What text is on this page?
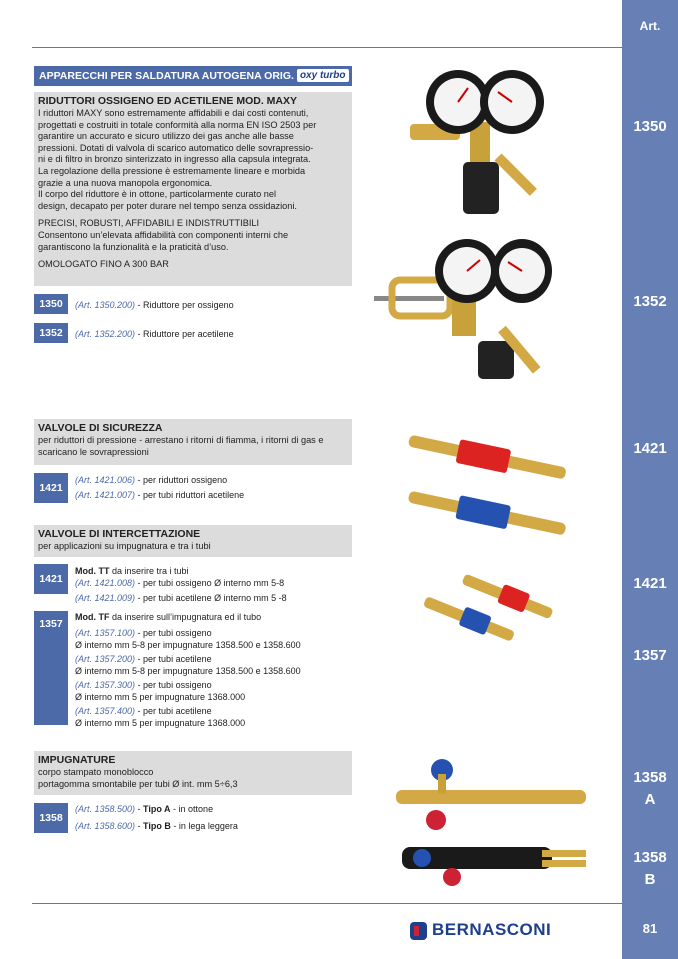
Art.
1350
1352
1421
1421
1357
1358
A
1358
B
81
APPARECCHI PER SALDATURA AUTOGENA ORIG. oxy turbo
RIDUTTORI OSSIGENO ED ACETILENE MOD. MAXY

I riduttori MAXY sono estremamente affidabili e dai costi contenuti,

progettati e costruiti in totale conformità alla norma EN ISO 2503 per

garantire un accurato e sicuro utilizzo dei gas anche alle basse

pressioni. Dotati di valvola di scarico automatico delle sovrapressio-

ni e di filtro in bronzo sinterizzato in ingresso alla capsula integrata.

La regolazione della pressione è estremamente lineare e morbida

grazie a una nuova manopola ergonomica.

Il corpo del riduttore è in ottone, particolarmente curato nel

design, decapato per poter durare nel tempo senza ossidazioni.

PRECISI, ROBUSTI, AFFIDABILI E INDISTRUTTIBILI

Consentono un’elevata affidabilità con componenti interni che

garantiscono la funzionalità e la praticità d’uso.

OMOLOGATO FINO A 300 BAR

1350	(Art. 1350.200) - Riduttore per ossigeno
1352	(Art. 1352.200) - Riduttore per acetilene
VALVOLE DI SICUREZZA

per riduttori di pressione - arrestano i ritorni di fiamma, i ritorni di gas e

scaricano le sovrapressioni

1421
(Art. 1421.006) - per riduttori ossigeno
(Art. 1421.007) - per tubi riduttori acetilene
VALVOLE DI INTERCETTAZIONE

per applicazioni su impugnatura e tra i tubi

1421
Mod. TT da inserire tra i tubi
(Art. 1421.008) - per tubi ossigeno Ø interno mm 5-8
(Art. 1421.009) - per tubi acetilene Ø interno mm 5 -8
1357
Mod. TF da inserire sull’impugnatura ed il tubo
(Art. 1357.100) - per tubi ossigeno
Ø interno mm 5-8 per impugnature 1358.500 e 1358.600
(Art. 1357.200) - per tubi acetilene
Ø interno mm 5-8 per impugnature 1358.500 e 1358.600
(Art. 1357.300) - per tubi ossigeno
Ø interno mm 5 per impugnature 1368.000
(Art. 1357.400) - per tubi acetilene
Ø interno mm 5 per impugnature 1368.000
IMPUGNATURE

corpo stampato monoblocco

portagomma smontabile per tubi Ø int. mm 5÷6,3

1358
(Art. 1358.500) - Tipo A - in ottone
(Art. 1358.600) - Tipo B - in lega leggera
BERNASCONI
